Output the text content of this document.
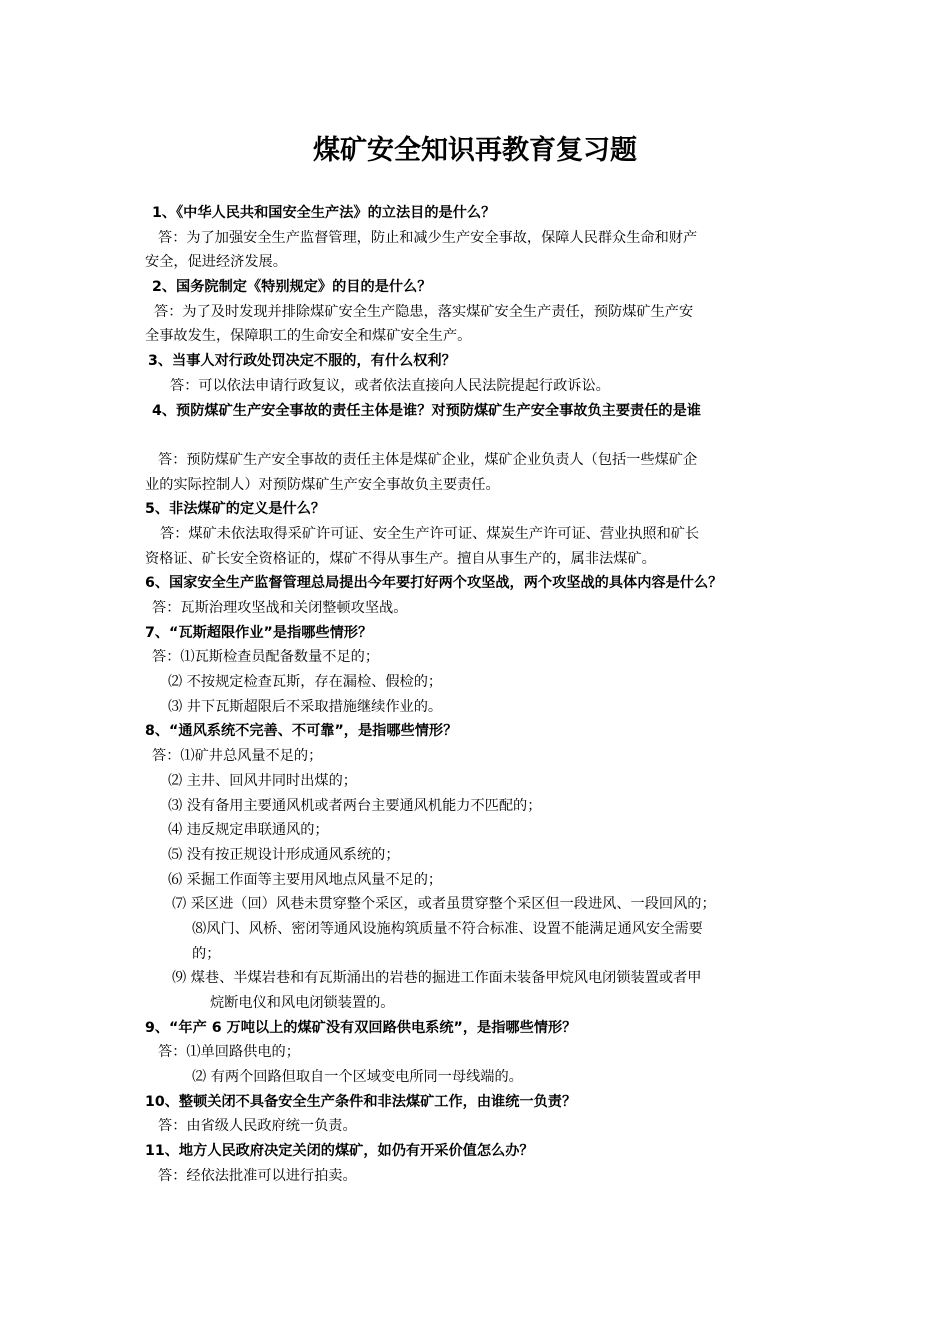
煤矿安全知识再教育复习题
1、《中华人民共和国安全生产法》的立法目的是什么？
答：为了加强安全生产监督管理，防止和减少生产安全事故，保障人民群众生命和财产
安全，促进经济发展。
2、国务院制定《特别规定》的目的是什么？
答：为了及时发现并排除煤矿安全生产隐患，落实煤矿安全生产责任，预防煤矿生产安
全事故发生，保障职工的生命安全和煤矿安全生产。
3、当事人对行政处罚决定不服的，有什么权利？
答：可以依法申请行政复议，或者依法直接向人民法院提起行政诉讼。
4、预防煤矿生产安全事故的责任主体是谁？对预防煤矿生产安全事故负主要责任的是谁
答：预防煤矿生产安全事故的责任主体是煤矿企业，煤矿企业负责人（包括一些煤矿企
业的实际控制人）对预防煤矿生产安全事故负主要责任。
5、非法煤矿的定义是什么？
答：煤矿未依法取得采矿许可证、安全生产许可证、煤炭生产许可证、营业执照和矿长
资格证、矿长安全资格证的，煤矿不得从事生产。擅自从事生产的，属非法煤矿。
6、国家安全生产监督管理总局提出今年要打好两个攻坚战，两个攻坚战的具体内容是什么？
答：瓦斯治理攻坚战和关闭整顿攻坚战。
7、“瓦斯超限作业”是指哪些情形？
答：⑴瓦斯检查员配备数量不足的；
⑵ 不按规定检查瓦斯，存在漏检、假检的；
⑶ 井下瓦斯超限后不采取措施继续作业的。
8、“通风系统不完善、不可靠”，是指哪些情形？
答：⑴矿井总风量不足的；
⑵ 主井、回风井同时出煤的；
⑶ 没有备用主要通风机或者两台主要通风机能力不匹配的；
⑷ 违反规定串联通风的；
⑸ 没有按正规设计形成通风系统的；
⑹ 采掘工作面等主要用风地点风量不足的；
⑺ 采区进（回）风巷未贯穿整个采区，或者虽贯穿整个采区但一段进风、一段回风的；
⑻风门、风桥、密闭等通风设施构筑质量不符合标准、设置不能满足通风安全需要
的；
⑼ 煤巷、半煤岩巷和有瓦斯涌出的岩巷的掘进工作面未装备甲烷风电闭锁装置或者甲
烷断电仪和风电闭锁装置的。
9、“年产 6 万吨以上的煤矿没有双回路供电系统”，是指哪些情形？
答：⑴单回路供电的；
⑵ 有两个回路但取自一个区域变电所同一母线端的。
10、整顿关闭不具备安全生产条件和非法煤矿工作，由谁统一负责？
答：由省级人民政府统一负责。
11、地方人民政府决定关闭的煤矿，如仍有开采价值怎么办？
答：经依法批准可以进行拍卖。
